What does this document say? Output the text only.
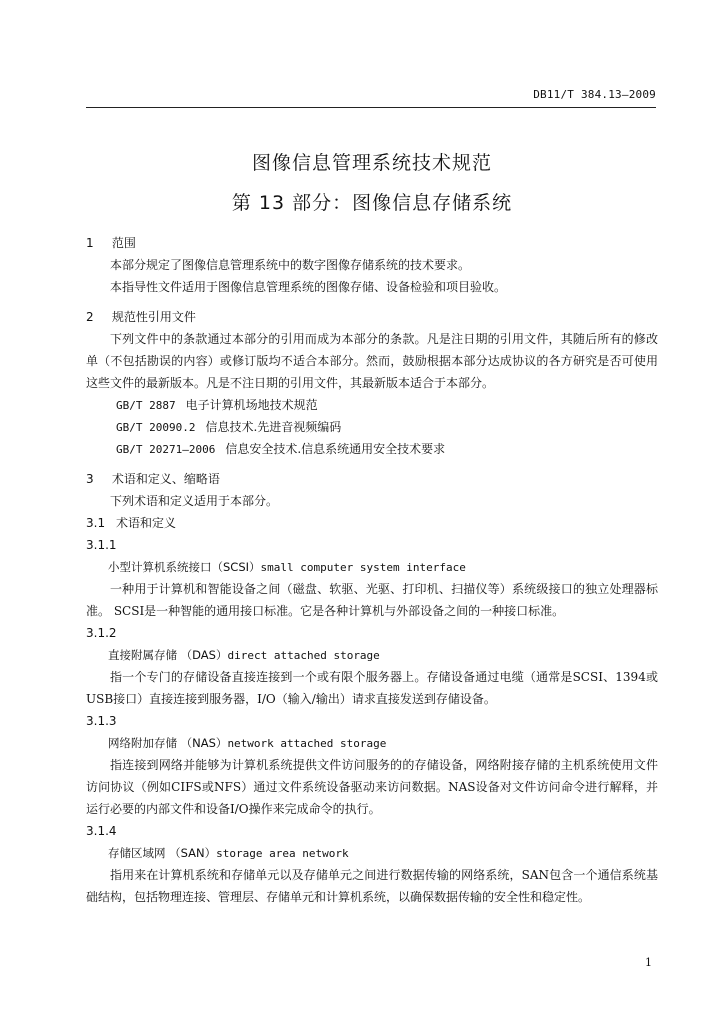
DB11/T 384.13—2009
图像信息管理系统技术规范
第 13 部分：图像信息存储系统
1 范围

本部分规定了图像信息管理系统中的数字图像存储系统的技术要求。

本指导性文件适用于图像信息管理系统的图像存储、设备检验和项目验收。

2 规范性引用文件

下列文件中的条款通过本部分的引用而成为本部分的条款。凡是注日期的引用文件，其随后所有的修改单（不包括勘误的内容）或修订版均不适合本部分。然而，鼓励根据本部分达成协议的各方研究是否可使用这些文件的最新版本。凡是不注日期的引用文件，其最新版本适合于本部分。

GB/T 2887 电子计算机场地技术规范
GB/T 20090.2 信息技术.先进音视频编码
GB/T 20271—2006 信息安全技术.信息系统通用安全技术要求
3 术语和定义、缩略语

下列术语和定义适用于本部分。

3.1 术语和定义
3.1.1
小型计算机系统接口（SCSI）small computer system interface

一种用于计算机和智能设备之间（磁盘、软驱、光驱、打印机、扫描仪等）系统级接口的独立处理器标准。 SCSI是一种智能的通用接口标准。它是各种计算机与外部设备之间的一种接口标准。

3.1.2
直接附属存储 （DAS）direct attached storage

指一个专门的存储设备直接连接到一个或有限个服务器上。存储设备通过电缆（通常是SCSI、1394或USB接口）直接连接到服务器，I/O（输入/输出）请求直接发送到存储设备。

3.1.3
网络附加存储 （NAS）network attached storage

指连接到网络并能够为计算机系统提供文件访问服务的的存储设备，网络附接存储的主机系统使用文件访问协议（例如CIFS或NFS）通过文件系统设备驱动来访问数据。NAS设备对文件访问命令进行解释，并运行必要的内部文件和设备I/O操作来完成命令的执行。

3.1.4
存储区域网 （SAN）storage area network

指用来在计算机系统和存储单元以及存储单元之间进行数据传输的网络系统，SAN包含一个通信系统基础结构，包括物理连接、管理层、存储单元和计算机系统，以确保数据传输的安全性和稳定性。

1
